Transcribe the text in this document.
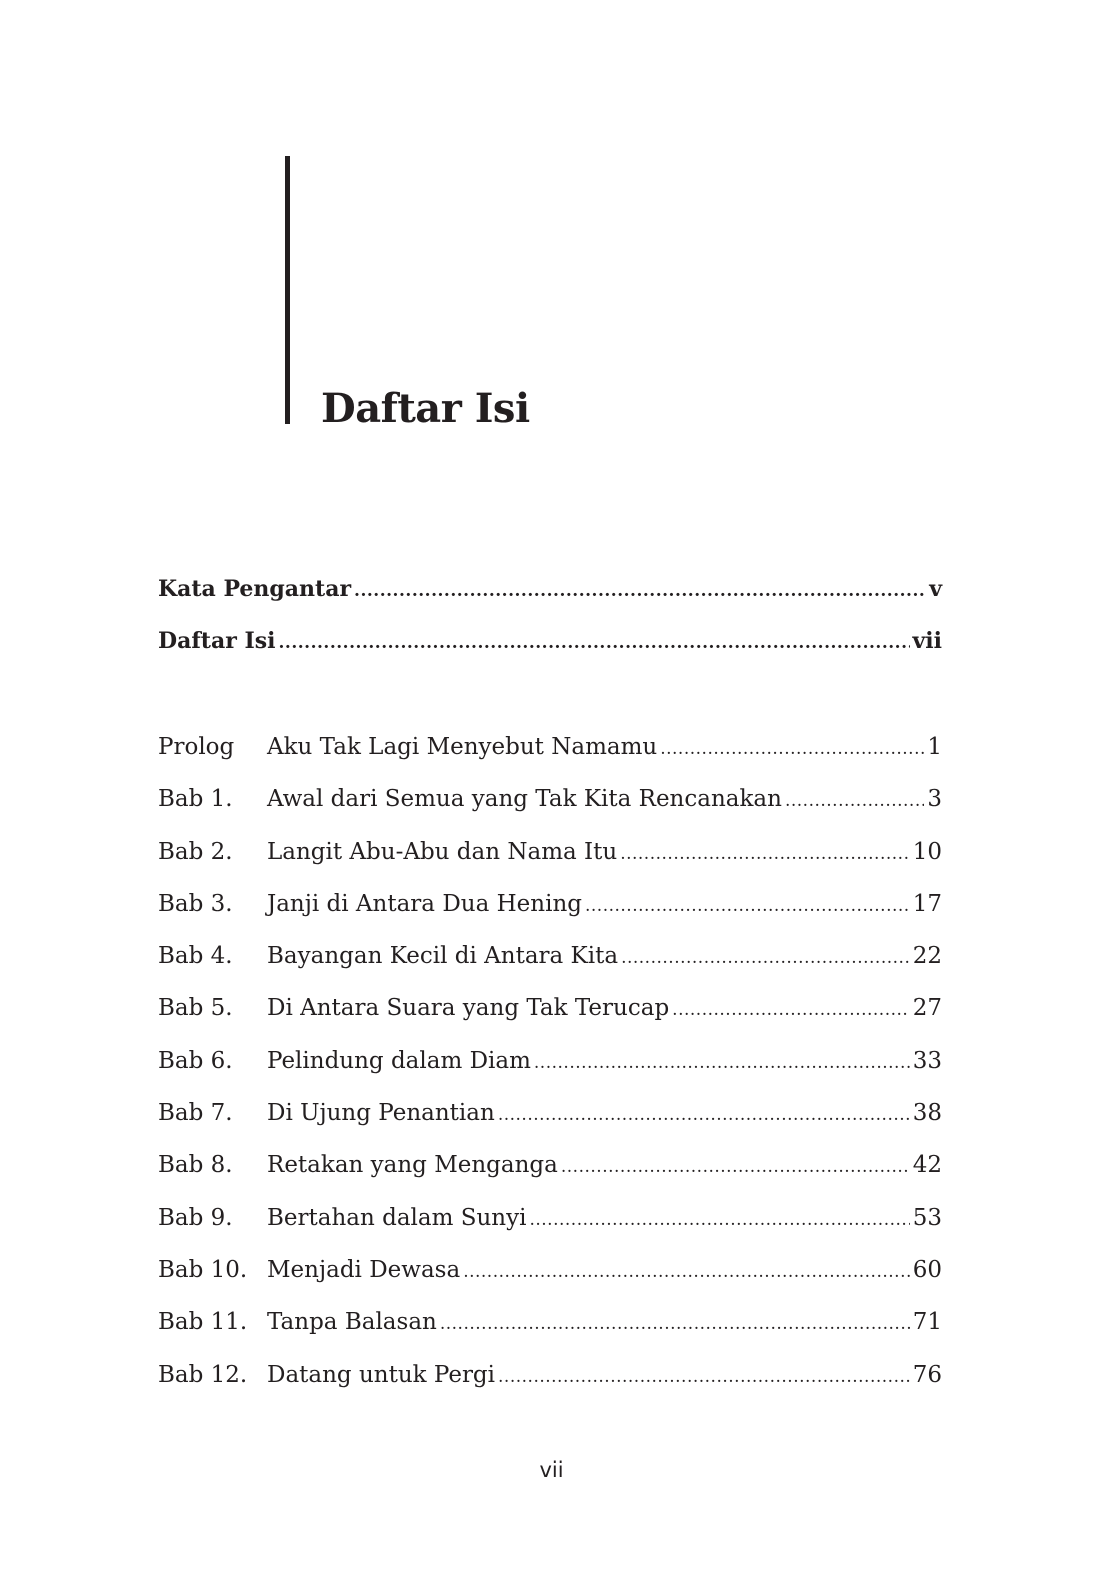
Daftar Isi
Kata Pengantar .....	v
Daftar Isi .....	vii
Prolog	Aku Tak Lagi Menyebut Namamu .....	1
Bab 1.	Awal dari Semua yang Tak Kita Rencanakan .....	3
Bab 2.	Langit Abu-Abu dan Nama Itu .....	10
Bab 3.	Janji di Antara Dua Hening .....	17
Bab 4.	Bayangan Kecil di Antara Kita .....	22
Bab 5.	Di Antara Suara yang Tak Terucap .....	27
Bab 6.	Pelindung dalam Diam .....	33
Bab 7.	Di Ujung Penantian .....	38
Bab 8.	Retakan yang Menganga .....	42
Bab 9.	Bertahan dalam Sunyi .....	53
Bab 10. Menjadi Dewasa .....	60
Bab 11. Tanpa Balasan .....	71
Bab 12. Datang untuk Pergi .....	76
vii
